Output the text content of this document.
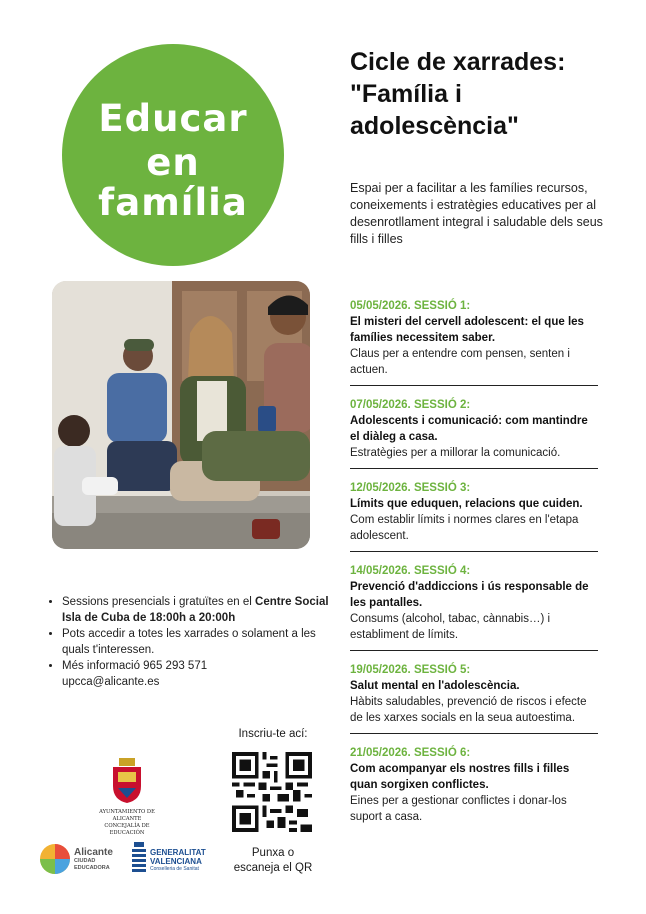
Educar
en
família
Cicle de xarrades:
"Família i
adolescència"
Espai per a facilitar a les famílies recursos, coneixements i estratègies educatives per al desenrotllament integral i saludable dels seus fills i filles
05/05/2026. SESSIÓ 1:
El misteri del cervell adolescent: el que les famílies necessitem saber.
Claus per a entendre com pensen, senten i actuen.
07/05/2026. SESSIÓ 2:
Adolescents i comunicació: com mantindre el diàleg a casa.
Estratègies per a millorar la comunicació.
12/05/2026. SESSIÓ 3:
Límits que eduquen, relacions que cuiden.
Com establir límits i normes clares en l'etapa adolescent.
14/05/2026. SESSIÓ 4:
Prevenció d'addiccions i ús responsable de les pantalles.
Consums (alcohol, tabac, cànnabis…) i establiment de límits.
19/05/2026. SESSIÓ 5:
Salut mental en l'adolescència.
Hàbits saludables, prevenció de riscos i efecte de les xarxes socials en la seua autoestima.
21/05/2026. SESSIÓ 6:
Com acompanyar els nostres fills i filles quan sorgixen conflictes.
Eines per a gestionar conflictes i donar-los suport a casa.
• Sessions presencials i gratuïtes en el Centre Social Isla de Cuba de 18:00h a 20:00h
• Pots accedir a totes les xarrades o solament a les quals t'interessen.
• Més informació 965 293 571
upcca@alicante.es
Inscriu-te ací:
Punxa o
escaneja el QR
AYUNTAMIENTO DE ALICANTE
CONCEJALÍA DE EDUCACIÓN
Alicante
CIUDAD
EDUCADORA
GENERALITAT
VALENCIANA
Conselleria de Sanitat
